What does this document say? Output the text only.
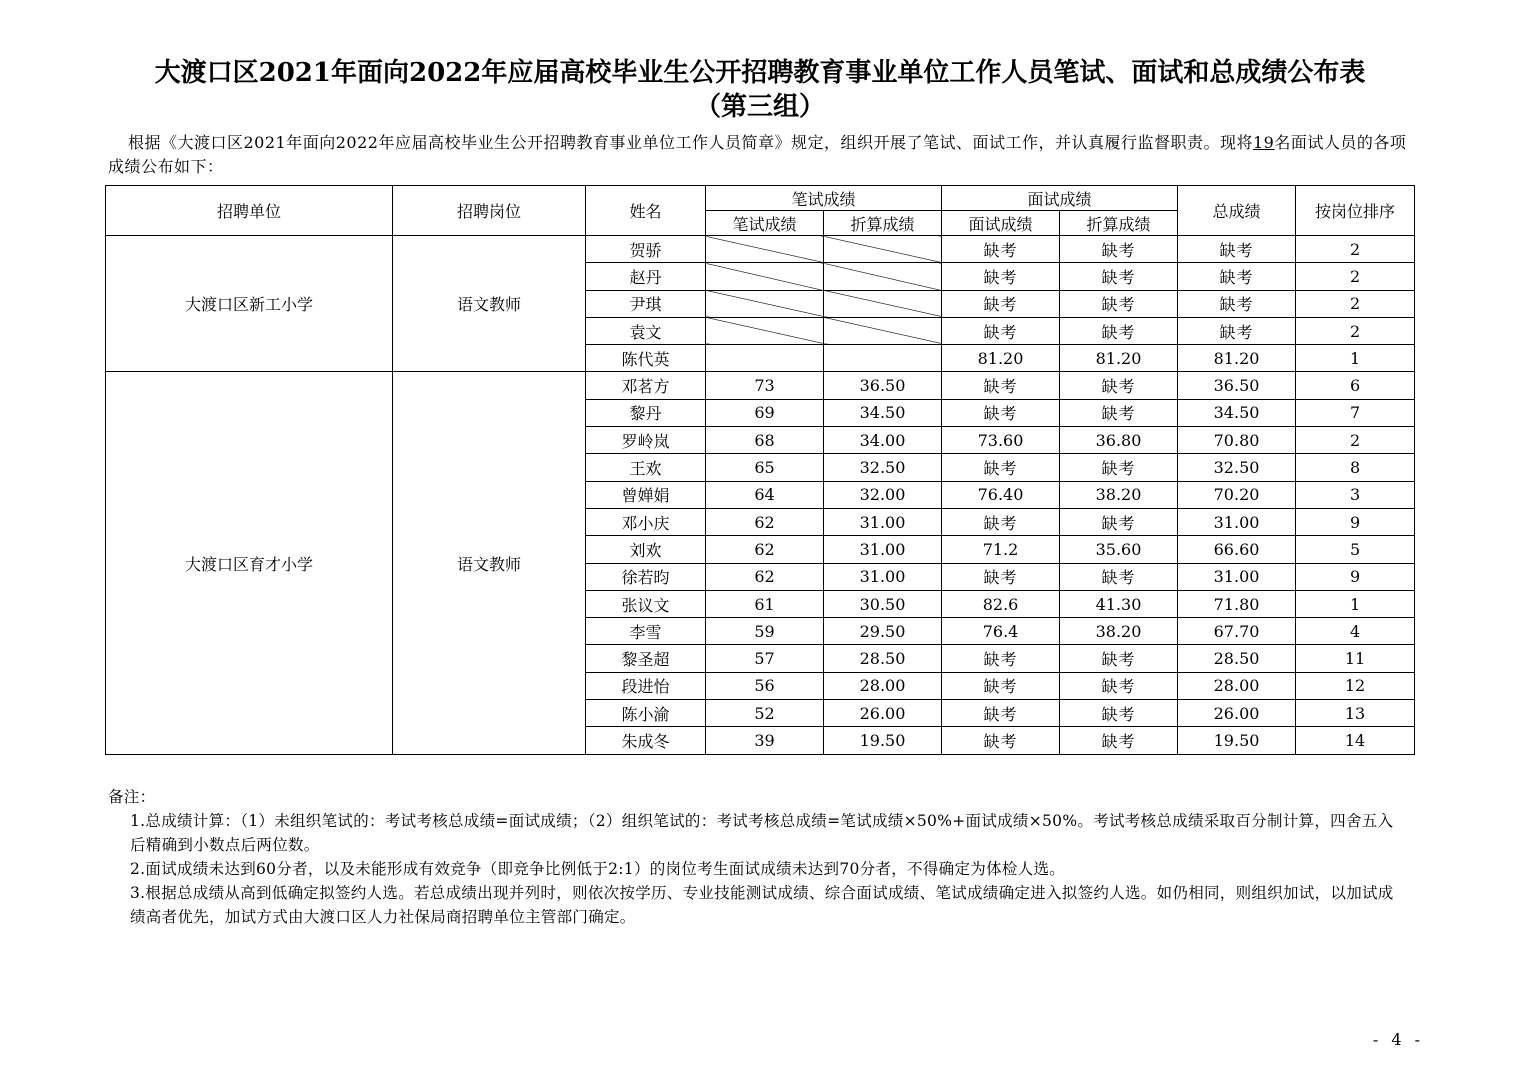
大渡口区2021年面向2022年应届高校毕业生公开招聘教育事业单位工作人员笔试、面试和总成绩公布表
（第三组）
根据《大渡口区2021年面向2022年应届高校毕业生公开招聘教育事业单位工作人员简章》规定，组织开展了笔试、面试工作，并认真履行监督职责。现将19名面试人员的各项成绩公布如下：
招聘单位	招聘岗位	姓名	笔试成绩		面试成绩		总成绩	按岗位排序
			笔试成绩	折算成绩	面试成绩	折算成绩		
大渡口区新工小学	语文教师	贺骄			缺考	缺考	缺考	2
		赵丹			缺考	缺考	缺考	2
		尹琪			缺考	缺考	缺考	2
		袁文			缺考	缺考	缺考	2
		陈代英			81.20	81.20	81.20	1
大渡口区育才小学	语文教师	邓茗方	73	36.50	缺考	缺考	36.50	6
		黎丹	69	34.50	缺考	缺考	34.50	7
		罗岭岚	68	34.00	73.60	36.80	70.80	2
		王欢	65	32.50	缺考	缺考	32.50	8
		曾婵娟	64	32.00	76.40	38.20	70.20	3
		邓小庆	62	31.00	缺考	缺考	31.00	9
		刘欢	62	31.00	71.2	35.60	66.60	5
		徐若昀	62	31.00	缺考	缺考	31.00	9
		张议文	61	30.50	82.6	41.30	71.80	1
		李雪	59	29.50	76.4	38.20	67.70	4
		黎圣超	57	28.50	缺考	缺考	28.50	11
		段进怡	56	28.00	缺考	缺考	28.00	12
		陈小渝	52	26.00	缺考	缺考	26.00	13
		朱成冬	39	19.50	缺考	缺考	19.50	14

备注：

1.总成绩计算：（1）未组织笔试的：考试考核总成绩=面试成绩；（2）组织笔试的：考试考核总成绩=笔试成绩×50%+面试成绩×50%。考试考核总成绩采取百分制计算，四舍五入后精确到小数点后两位数。

2.面试成绩未达到60分者，以及未能形成有效竞争（即竞争比例低于2:1）的岗位考生面试成绩未达到70分者，不得确定为体检人选。

3.根据总成绩从高到低确定拟签约人选。若总成绩出现并列时，则依次按学历、专业技能测试成绩、综合面试成绩、笔试成绩确定进入拟签约人选。如仍相同，则组织加试，以加试成绩高者优先，加试方式由大渡口区人力社保局商招聘单位主管部门确定。

- 4 -
